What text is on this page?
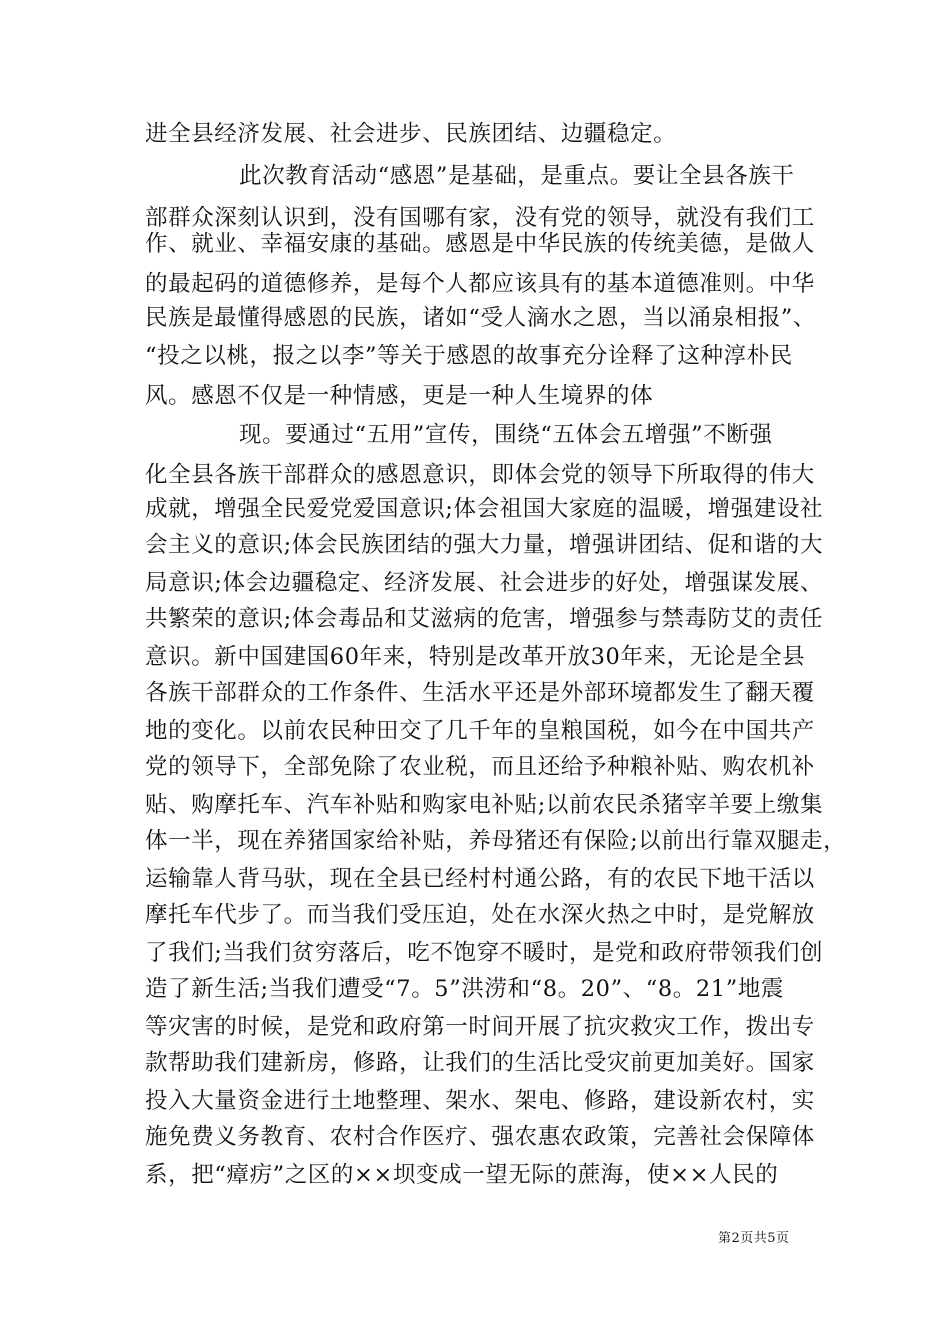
进全县经济发展、社会进步、民族团结、边疆稳定。
此次教育活动“感恩”是基础，是重点。要让全县各族干
部群众深刻认识到，没有国哪有家，没有党的领导，就没有我们工
作、就业、幸福安康的基础。感恩是中华民族的传统美德，是做人
的最起码的道德修养，是每个人都应该具有的基本道德准则。中华
民族是最懂得感恩的民族，诸如“受人滴水之恩，当以涌泉相报”、
“投之以桃，报之以李”等关于感恩的故事充分诠释了这种淳朴民
风。感恩不仅是一种情感，更是一种人生境界的体
现。要通过“五用”宣传，围绕“五体会五增强”不断强
化全县各族干部群众的感恩意识，即体会党的领导下所取得的伟大
成就，增强全民爱党爱国意识;体会祖国大家庭的温暖，增强建设社
会主义的意识;体会民族团结的强大力量，增强讲团结、促和谐的大
局意识;体会边疆稳定、经济发展、社会进步的好处，增强谋发展、
共繁荣的意识;体会毒品和艾滋病的危害，增强参与禁毒防艾的责任
意识。新中国建国60年来，特别是改革开放30年来，无论是全县
各族干部群众的工作条件、生活水平还是外部环境都发生了翻天覆
地的变化。以前农民种田交了几千年的皇粮国税，如今在中国共产
党的领导下，全部免除了农业税，而且还给予种粮补贴、购农机补
贴、购摩托车、汽车补贴和购家电补贴;以前农民杀猪宰羊要上缴集
体一半，现在养猪国家给补贴，养母猪还有保险;以前出行靠双腿走，
运输靠人背马驮，现在全县已经村村通公路，有的农民下地干活以
摩托车代步了。而当我们受压迫，处在水深火热之中时，是党解放
了我们;当我们贫穷落后，吃不饱穿不暖时，是党和政府带领我们创
造了新生活;当我们遭受“7。5”洪涝和“8。20”、“8。21”地震
等灾害的时候，是党和政府第一时间开展了抗灾救灾工作，拨出专
款帮助我们建新房，修路，让我们的生活比受灾前更加美好。国家
投入大量资金进行土地整理、架水、架电、修路，建设新农村，实
施免费义务教育、农村合作医疗、强农惠农政策，完善社会保障体
系，把“瘴疠”之区的××坝变成一望无际的蔗海，使××人民的
第2页共5页
